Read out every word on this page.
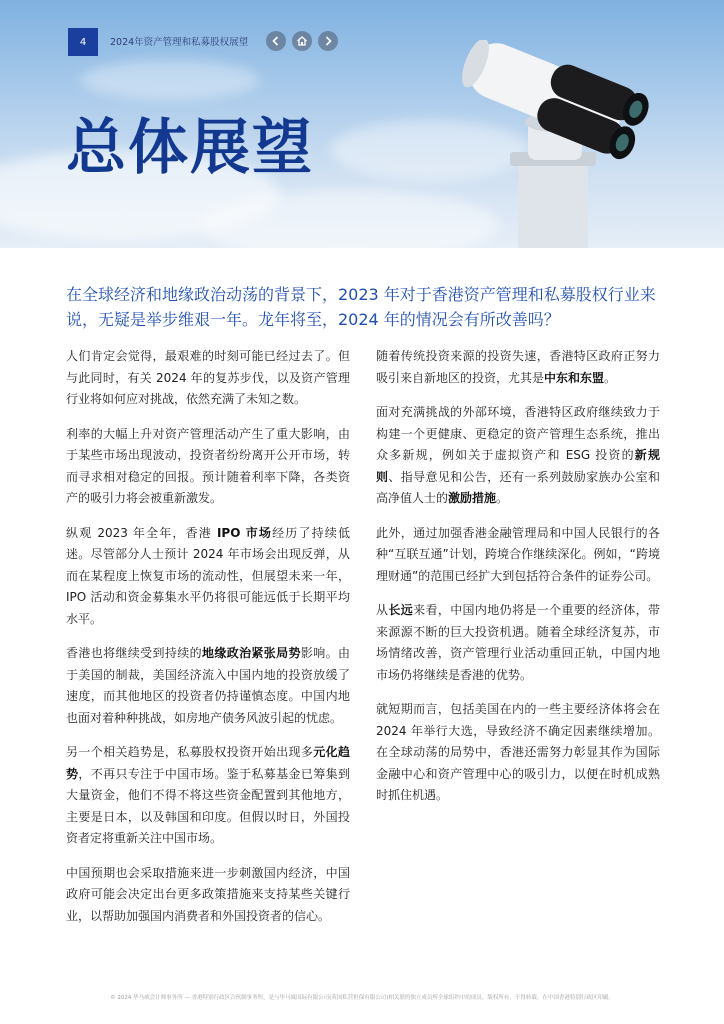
4	2024年资产管理和私募股权展望
总体展望
在全球经济和地缘政治动荡的背景下，2023 年对于香港资产管理和私募股权行业来说，无疑是举步维艰一年。龙年将至，2024 年的情况会有所改善吗？

人们肯定会觉得，最艰难的时刻可能已经过去了。但与此同时，有关 2024 年的复苏步伐，以及资产管理行业将如何应对挑战，依然充满了未知之数。

利率的大幅上升对资产管理活动产生了重大影响，由于某些市场出现波动，投资者纷纷离开公开市场，转而寻求相对稳定的回报。预计随着利率下降，各类资产的吸引力将会被重新激发。

纵观 2023 年全年，香港 IPO 市场经历了持续低迷。尽管部分人士预计 2024 年市场会出现反弹，从而在某程度上恢复市场的流动性，但展望未来一年，IPO 活动和资金募集水平仍将很可能远低于长期平均水平。

香港也将继续受到持续的地缘政治紧张局势影响。由于美国的制裁，美国经济流入中国内地的投资放缓了速度，而其他地区的投资者仍持谨慎态度。中国内地也面对着种种挑战，如房地产债务风波引起的忧虑。

另一个相关趋势是，私募股权投资开始出现多元化趋势，不再只专注于中国市场。鉴于私募基金已筹集到大量资金，他们不得不将这些资金配置到其他地方，主要是日本，以及韩国和印度。但假以时日，外国投资者定将重新关注中国市场。

中国预期也会采取措施来进一步刺激国内经济，中国政府可能会决定出台更多政策措施来支持某些关键行业，以帮助加强国内消费者和外国投资者的信心。

随着传统投资来源的投资失速，香港特区政府正努力吸引来自新地区的投资，尤其是中东和东盟。

面对充满挑战的外部环境，香港特区政府继续致力于构建一个更健康、更稳定的资产管理生态系统，推出众多新规，例如关于虚拟资产和 ESG 投资的新规则、指导意见和公告，还有一系列鼓励家族办公室和高净值人士的激励措施。

此外，通过加强香港金融管理局和中国人民银行的各种“互联互通”计划，跨境合作继续深化。例如，“跨境理财通”的范围已经扩大到包括符合条件的证券公司。

从长远来看，中国内地仍将是一个重要的经济体，带来源源不断的巨大投资机遇。随着全球经济复苏，市场情绪改善，资产管理行业活动重回正轨，中国内地市场仍将继续是香港的优势。

就短期而言，包括美国在内的一些主要经济体将会在 2024 年举行大选，导致经济不确定因素继续增加。在全球动荡的局势中，香港还需努力彰显其作为国际金融中心和资产管理中心的吸引力，以便在时机成熟时抓住机遇。

© 2024 毕马威会计师事务所 — 香港特别行政区合伙制事务所，是与毕马威国际有限公司(英国私营担保有限公司)相关联的独立成员所全球组织中的成员，版权所有，不得转载。在中国香港特别行政区印刷。
